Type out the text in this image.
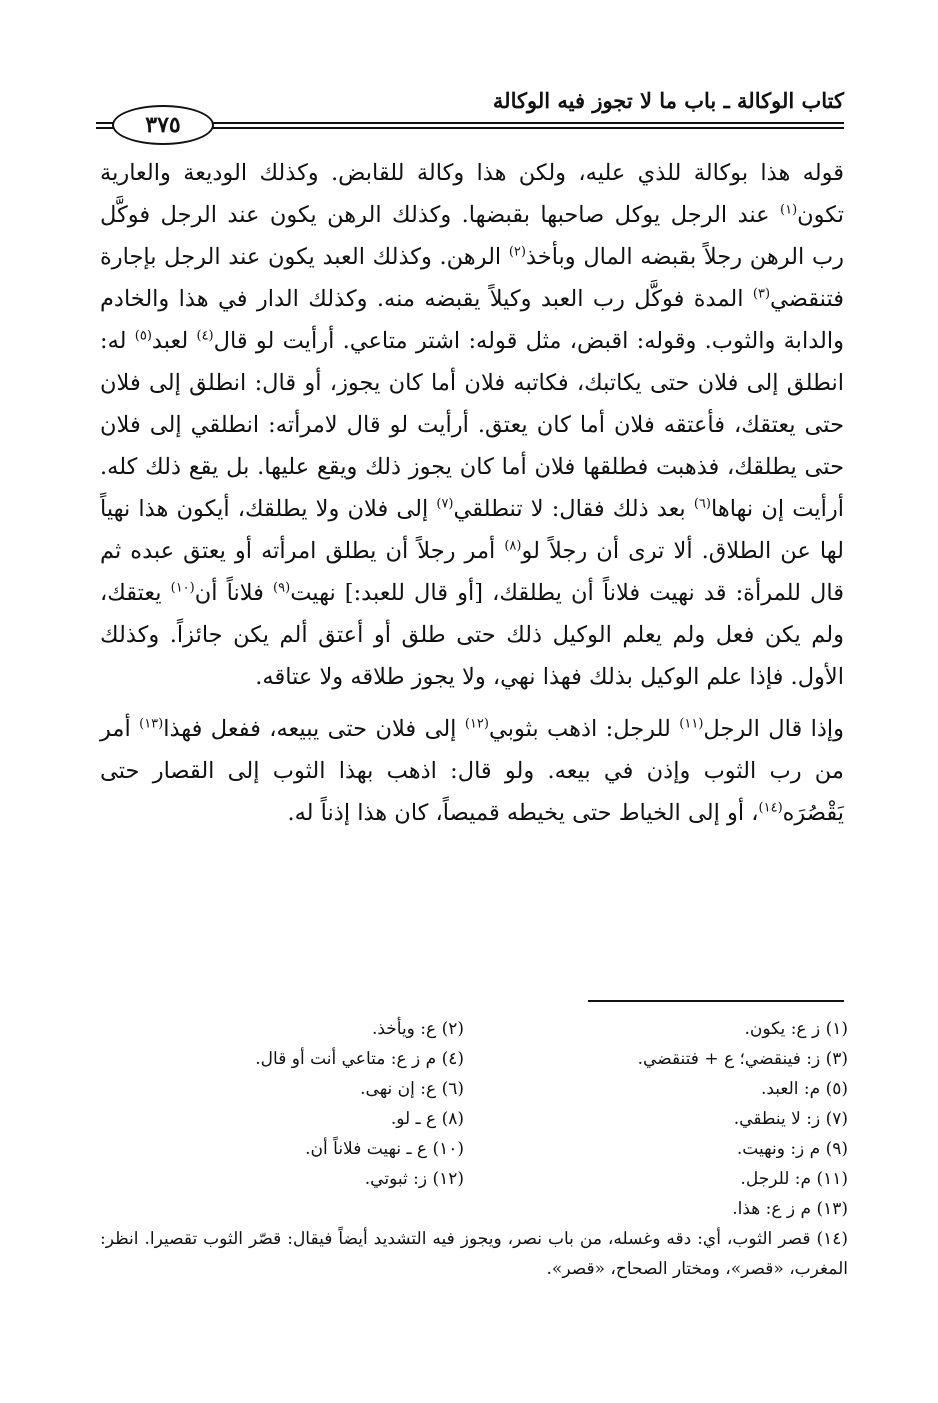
كتاب الوكالة ـ باب ما لا تجوز فيه الوكالة
٣٧٥

قوله هذا بوكالة للذي عليه، ولكن هذا وكالة للقابض. وكذلك الوديعة والعارية تكون$^{(١)}$ عند الرجل يوكل صاحبها بقبضها. وكذلك الرهن يكون عند الرجل فوكَّل رب الرهن رجلاً بقبضه المال وبأخذ$^{(٢)}$ الرهن. وكذلك العبد يكون عند الرجل بإجارة فتنقضي$^{(٣)}$ المدة فوكَّل رب العبد وكيلاً يقبضه منه. وكذلك الدار في هذا والخادم والدابة والثوب. وقوله: اقبض، مثل قوله: اشتر متاعي. أرأيت لو قال$^{(٤)}$ لعبد$^{(٥)}$ له: انطلق إلى فلان حتى يكاتبك، فكاتبه فلان أما كان يجوز، أو قال: انطلق إلى فلان حتى يعتقك، فأعتقه فلان أما كان يعتق. أرأيت لو قال لامرأته: انطلقي إلى فلان حتى يطلقك، فذهبت فطلقها فلان أما كان يجوز ذلك ويقع عليها. بل يقع ذلك كله. أرأيت إن نهاها$^{(٦)}$ بعد ذلك فقال: لا تنطلقي$^{(٧)}$ إلى فلان ولا يطلقك، أيكون هذا نهياً لها عن الطلاق. ألا ترى أن رجلاً لو$^{(٨)}$ أمر رجلاً أن يطلق امرأته أو يعتق عبده ثم قال للمرأة: قد نهيت فلاناً أن يطلقك، [أو قال للعبد:] نهيت$^{(٩)}$ فلاناً أن$^{(١٠)}$ يعتقك، ولم يكن فعل ولم يعلم الوكيل ذلك حتى طلق أو أعتق ألم يكن جائزاً. وكذلك الأول. فإذا علم الوكيل بذلك فهذا نهي، ولا يجوز طلاقه ولا عتاقه.

وإذا قال الرجل$^{(١١)}$ للرجل: اذهب بثوبي$^{(١٢)}$ إلى فلان حتى يبيعه، ففعل فهذا$^{(١٣)}$ أمر من رب الثوب وإذن في بيعه. ولو قال: اذهب بهذا الثوب إلى القصار حتى يَقْصُرَه$^{(١٤)}$، أو إلى الخياط حتى يخيطه قميصاً، كان هذا إذناً له.

(١) ز ع: يكون.
(٢) ع: ويأخذ.
(٣) ز: فينقضي؛ ع + فتنقضي.
(٤) م ز ع: متاعي أنت أو قال.
(٥) م: العبد.
(٦) ع: إن نهى.
(٧) ز: لا ينطقي.
(٨) ع ـ لو.
(٩) م ز: ونهيت.
(١٠) ع ـ نهيت فلاناً أن.
(١١) م: للرجل.
(١٢) ز: ثبوتي.
(١٣) م ز ع: هذا.
(١٤) قصر الثوب، أي: دقه وغسله، من باب نصر، ويجوز فيه التشديد أيضاً فيقال: قصّر الثوب تقصيرا. انظر: المغرب، «قصر»، ومختار الصحاح، «قصر».
